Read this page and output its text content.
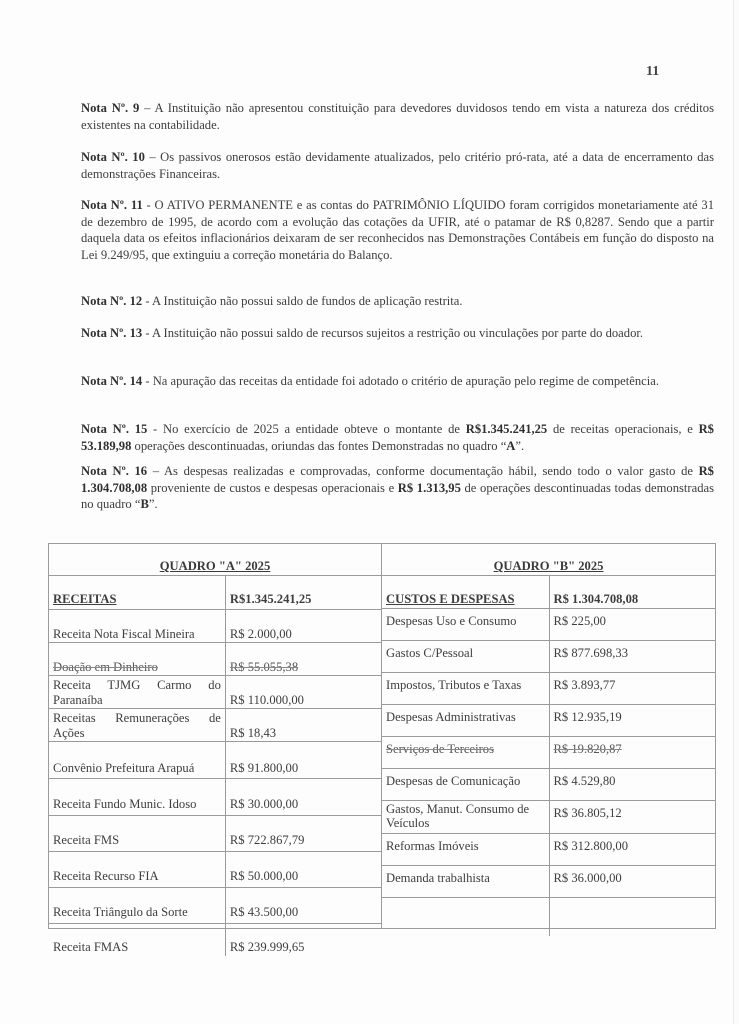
11

Nota Nº. 9 – A Instituição não apresentou constituição para devedores duvidosos tendo em vista a natureza dos créditos existentes na contabilidade.

Nota Nº. 10 – Os passivos onerosos estão devidamente atualizados, pelo critério pró-rata, até a data de encerramento das demonstrações Financeiras.

Nota Nº. 11 - O ATIVO PERMANENTE e as contas do PATRIMÔNIO LÍQUIDO foram corrigidos monetariamente até 31 de dezembro de 1995, de acordo com a evolução das cotações da UFIR, até o patamar de R$ 0,8287. Sendo que a partir daquela data os efeitos inflacionários deixaram de ser reconhecidos nas Demonstrações Contábeis em função do disposto na Lei 9.249/95, que extinguiu a correção monetária do Balanço.

Nota Nº. 12 - A Instituição não possui saldo de fundos de aplicação restrita.

Nota Nº. 13 - A Instituição não possui saldo de recursos sujeitos a restrição ou vinculações por parte do doador.

Nota Nº. 14 - Na apuração das receitas da entidade foi adotado o critério de apuração pelo regime de competência.

Nota Nº. 15 - No exercício de 2025 a entidade obteve o montante de R$1.345.241,25 de receitas operacionais, e R$ 53.189,98 operações descontinuadas, oriundas das fontes Demonstradas no quadro “A”.

Nota Nº. 16 – As despesas realizadas e comprovadas, conforme documentação hábil, sendo todo o valor gasto de R$ 1.304.708,08 proveniente de custos e despesas operacionais e R$ 1.313,95 de operações descontinuadas todas demonstradas no quadro “B”.

QUADRO "A" 2025	
RECEITAS	R$1.345.241,25
Receita Nota Fiscal Mineira	R$ 2.000,00
Doação em Dinheiro	R$ 55.055,38
Receita TJMG Carmo do Paranaíba	R$ 110.000,00
Receitas Remunerações de Ações	R$ 18,43
Convênio Prefeitura Arapuá	R$ 91.800,00
Receita Fundo Munic. Idoso	R$ 30.000,00
Receita FMS	R$ 722.867,79
Receita Recurso FIA	R$ 50.000,00
Receita Triângulo da Sorte	R$ 43.500,00
Receita FMAS	R$ 239.999,65
QUADRO "B" 2025	
CUSTOS E DESPESAS	R$ 1.304.708,08
Despesas Uso e Consumo	R$ 225,00
Gastos C/Pessoal	R$ 877.698,33
Impostos, Tributos e Taxas	R$ 3.893,77
Despesas Administrativas	R$ 12.935,19
Serviços de Terceiros	R$ 19.820,87
Despesas de Comunicação	R$ 4.529,80
Gastos, Manut. Consumo de Veículos	R$ 36.805,12
Reformas Imóveis	R$ 312.800,00
Demanda trabalhista	R$ 36.000,00
